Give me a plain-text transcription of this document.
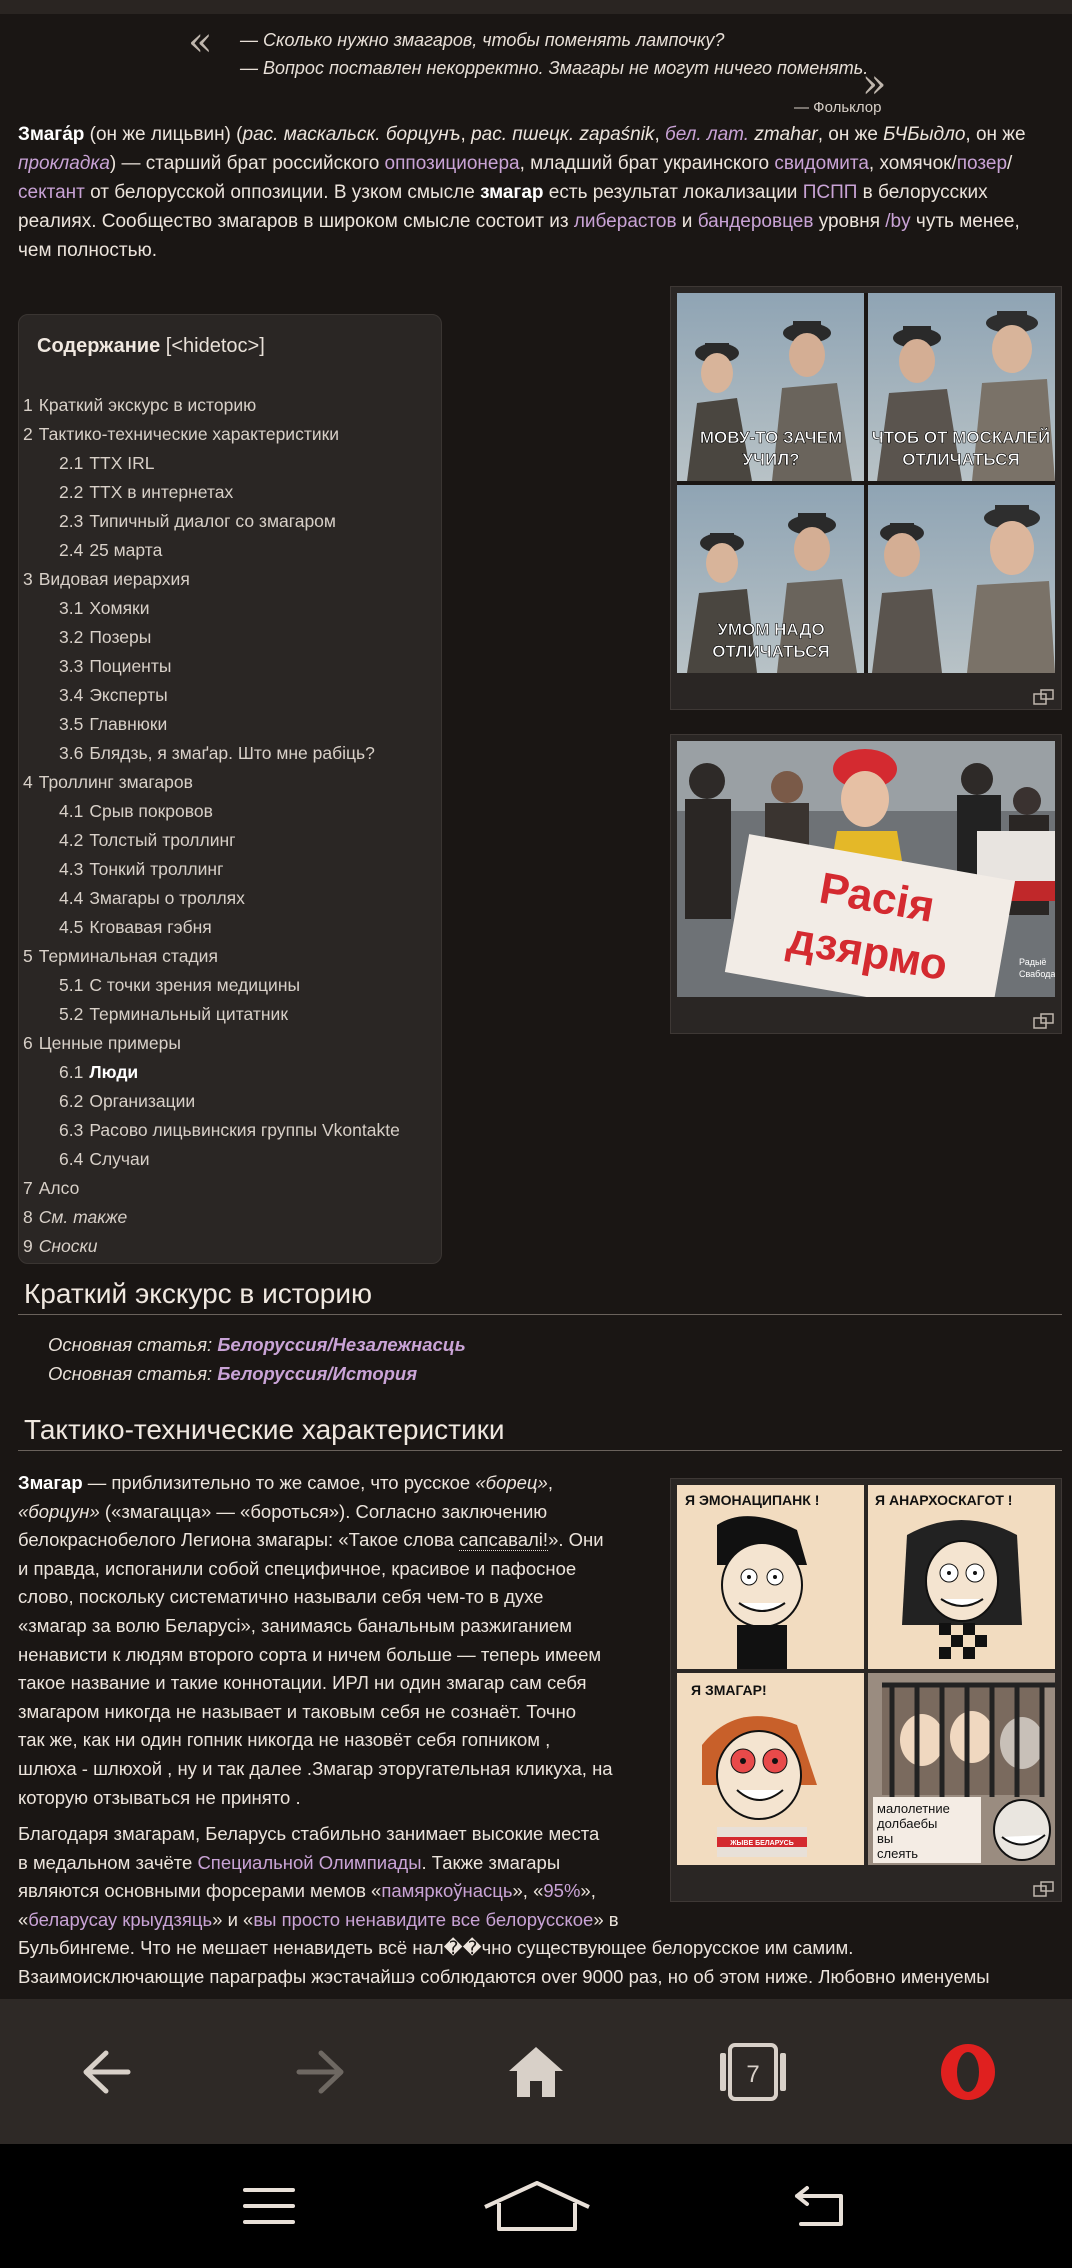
« — Сколько нужно змагаров, чтобы поменять лампочку?
— Вопрос поставлен некорректно. Змагары не могут ничего поменять.
»
— Фольклор
Змага́р (он же лицьвин) (рас. маскальск. борцунъ, рас. пшецк. zapaśnik, бел. лат. zmahar, он же БЧБыдло, он же прокладка) — старший брат российского оппозиционера, младший брат украинского свидомита, хомячок/позер/сектант от белорусской оппозиции. В узком смысле змагар есть результат локализации ПСПП в белорусских реалиях. Сообщество змагаров в широком смысле состоит из либерастов и бандеровцев уровня /by чуть менее, чем полностью.
Содержание [<hidetoc>]
1 Краткий экскурс в историю
2 Тактико-технические характеристики
2.1 ТТХ IRL
2.2 ТТХ в интернетах
2.3 Типичный диалог со змагаром
2.4 25 марта
3 Видовая иерархия
3.1 Хомяки
3.2 Позеры
3.3 Поциенты
3.4 Эксперты
3.5 Главнюки
3.6 Блядзь, я змаґар. Што мне рабіць?
4 Троллинг змагаров
4.1 Срыв покровов
4.2 Толстый троллинг
4.3 Тонкий троллинг
4.4 Змагары о троллях
4.5 Кговавая гэбня
5 Терминальная стадия
5.1 С точки зрения медицины
5.2 Терминальный цитатник
6 Ценные примеры
6.1 Люди
6.2 Организации
6.3 Расово лицьвинския группы Vkontakte
6.4 Случаи
7 Алсо
8 См. также
9 Сноски
МОВУ-ТО ЗАЧЕМ
УЧИЛ?
ЧТОБ ОТ МОСКАЛЕЙ
ОТЛИЧАТЬСЯ
УМОМ НАДО
ОТЛИЧАТЬСЯ
Расія
дзярмо	Радыё
Свабода
Краткий экскурс в историю
Основная статья: Белоруссия/Незалежнасць
Основная статья: Белоруссия/История
Тактико-технические характеристики
Я ЭМОНАЦИПАНК !	Я АНАРХОСКАГОТ !
Я ЗМАГАР!
ЖЫВЕ БЕЛАРУСЬ
малолетние
долбаебы
вы
слеять
Змагар — приблизительно то же самое, что русское «борец»,
«борцун» («змагацца» — «бороться»). Согласно заключению
белокраснобелого Легиона змагары: «Такое слова сапсавалі!». Они
и правда, испоганили собой специфичное, красивое и пафосное
слово, поскольку систематично называли себя чем-то в духе
«змагар за волю Беларусі», занимаясь банальным разжиганием
ненависти к людям второго сорта и ничем больше — теперь имеем
такое название и такие коннотации. ИРЛ ни один змагар сам себя
змагаром никогда не называет и таковым себя не сознаёт. Точно
так же, как ни один гопник никогда не назовёт себя гопником ,
шлюха - шлюхой , ну и так далее .Змагар эторугательная кликуха, на
которую отзываться не принято .
Благодаря змагарам, Беларусь стабильно занимает высокие места
в медальном зачёте Специальной Олимпиады. Также змагары
являются основными форсерами мемов «памяркоўнасць», «95%»,
«беларусау крыудзяць» и «вы просто ненавидите все белорусское» в
Бульбингеме. Что не мешает ненавидеть всё нал��чно существующее белорусское им самим.
Взаимоисключающие параграфы жэстачайшэ соблюдаются over 9000 раз, но об этом ниже. Любовно именуемы
7
